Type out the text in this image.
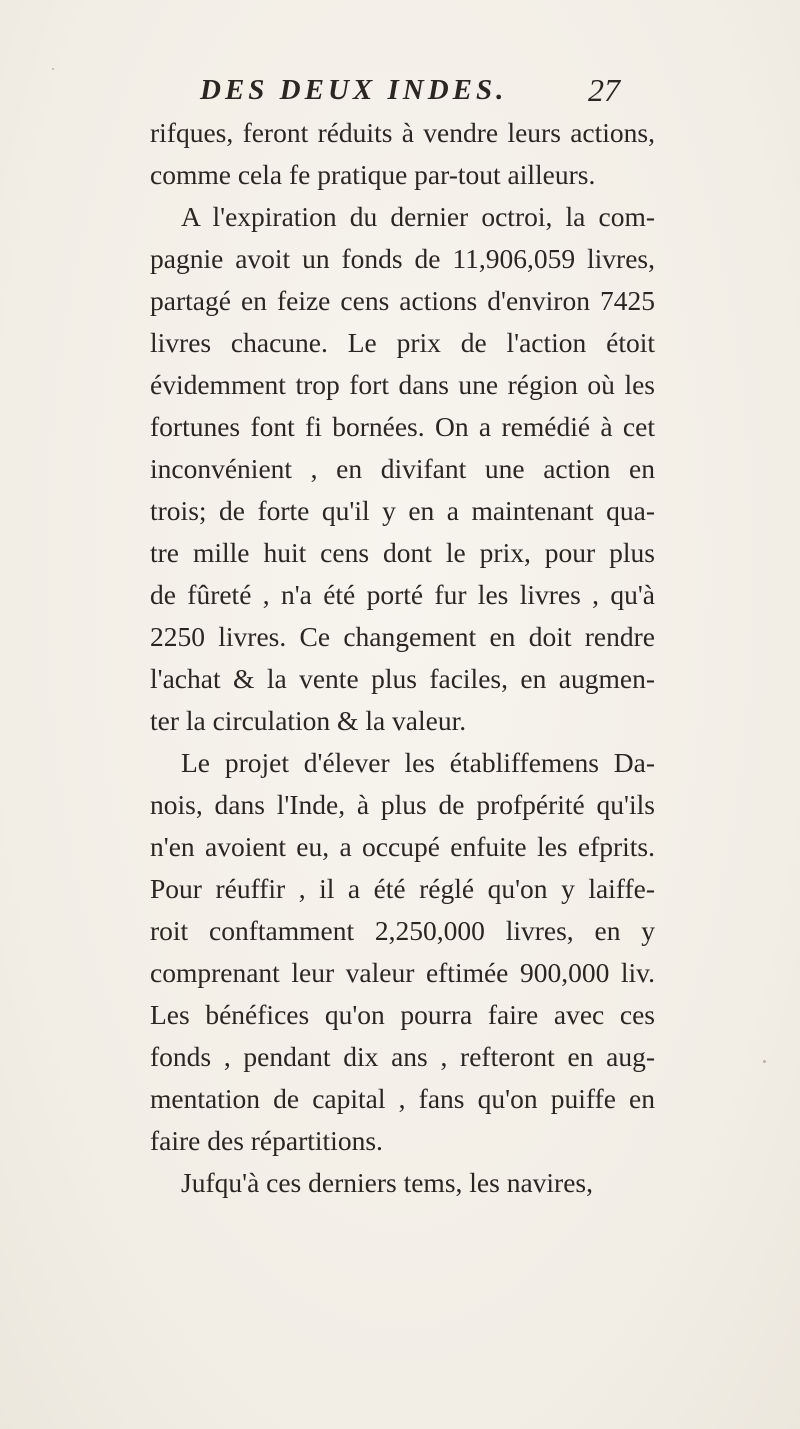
DES DEUX INDES.	27
rifques, feront réduits à vendre leurs actions,
comme cela fe pratique par-tout ailleurs.
A l'expiration du dernier octroi, la com-
pagnie avoit un fonds de 11,906,059 livres,
partagé en feize cens actions d'environ 7425
livres chacune. Le prix de l'action étoit
évidemment trop fort dans une région où les
fortunes font fi bornées. On a remédié à cet
inconvénient , en divifant une action en
trois; de forte qu'il y en a maintenant qua-
tre mille huit cens dont le prix, pour plus
de fûreté , n'a été porté fur les livres , qu'à
2250 livres. Ce changement en doit rendre
l'achat & la vente plus faciles, en augmen-
ter la circulation & la valeur.
Le projet d'élever les établiffemens Da-
nois, dans l'Inde, à plus de profpérité qu'ils
n'en avoient eu, a occupé enfuite les efprits.
Pour réuffir , il a été réglé qu'on y laiffe-
roit conftamment 2,250,000 livres, en y
comprenant leur valeur eftimée 900,000 liv.
Les bénéfices qu'on pourra faire avec ces
fonds , pendant dix ans , refteront en aug-
mentation de capital , fans qu'on puiffe en
faire des répartitions.
Jufqu'à ces derniers tems, les navires,
